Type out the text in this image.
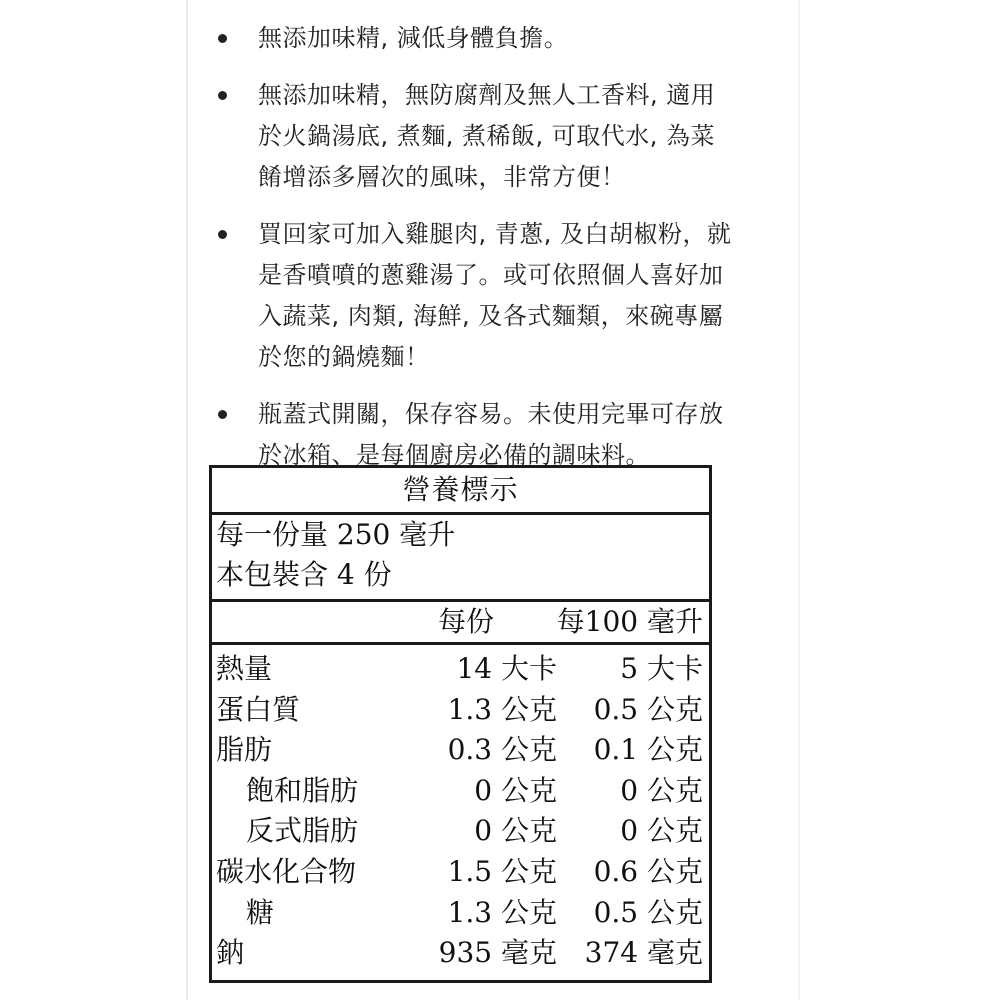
無添加味精, 減低身體負擔。
無添加味精，無防腐劑及無人工香料, 適用
於火鍋湯底, 煮麵, 煮稀飯, 可取代水, 為菜
餚增添多層次的風味，非常方便！
買回家可加入雞腿肉, 青蔥, 及白胡椒粉，就
是香噴噴的蔥雞湯了。或可依照個人喜好加
入蔬菜, 肉類, 海鮮, 及各式麵類，來碗專屬
於您的鍋燒麵！
瓶蓋式開關，保存容易。未使用完畢可存放
於冰箱、是每個廚房必備的調味料。
營養標示
每一份量 250 毫升
本包裝含 4 份
每份 每100 毫升
熱量	14 大卡 5 大卡
蛋白質	1.3 公克 0.5 公克
脂肪	0.3 公克 0.1 公克
飽和脂肪	0 公克 0 公克
反式脂肪	0 公克 0 公克
碳水化合物	1.5 公克 0.6 公克
糖	1.3 公克 0.5 公克
鈉	935 毫克 374 毫克
